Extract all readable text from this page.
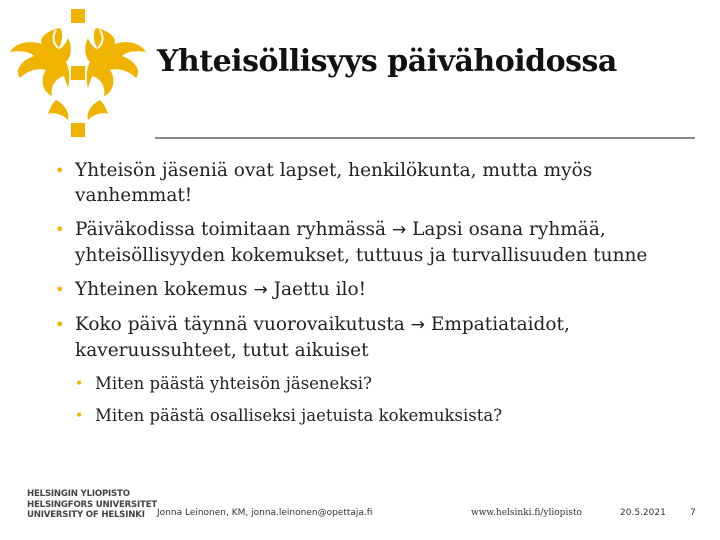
Yhteisöllisyys päivähoidossa
• Yhteisön jäseniä ovat lapset, henkilökunta, mutta myös vanhemmat!
• Päiväkodissa toimitaan ryhmässä → Lapsi osana ryhmää, yhteisöllisyyden kokemukset, tuttuus ja turvallisuuden tunne
• Yhteinen kokemus → Jaettu ilo!
• Koko päivä täynnä vuorovaikutusta → Empatiataidot, kaveruussuhteet, tutut aikuiset
• Miten päästä yhteisön jäseneksi?
• Miten päästä osalliseksi jaetuista kokemuksista?
HELSINGIN YLIOPISTO
HELSINGFORS UNIVERSITET
UNIVERSITY OF HELSINKI	Jonna Leinonen, KM, jonna.leinonen@opettaja.fi	www.helsinki.fi/yliopisto	20.5.2021	7
